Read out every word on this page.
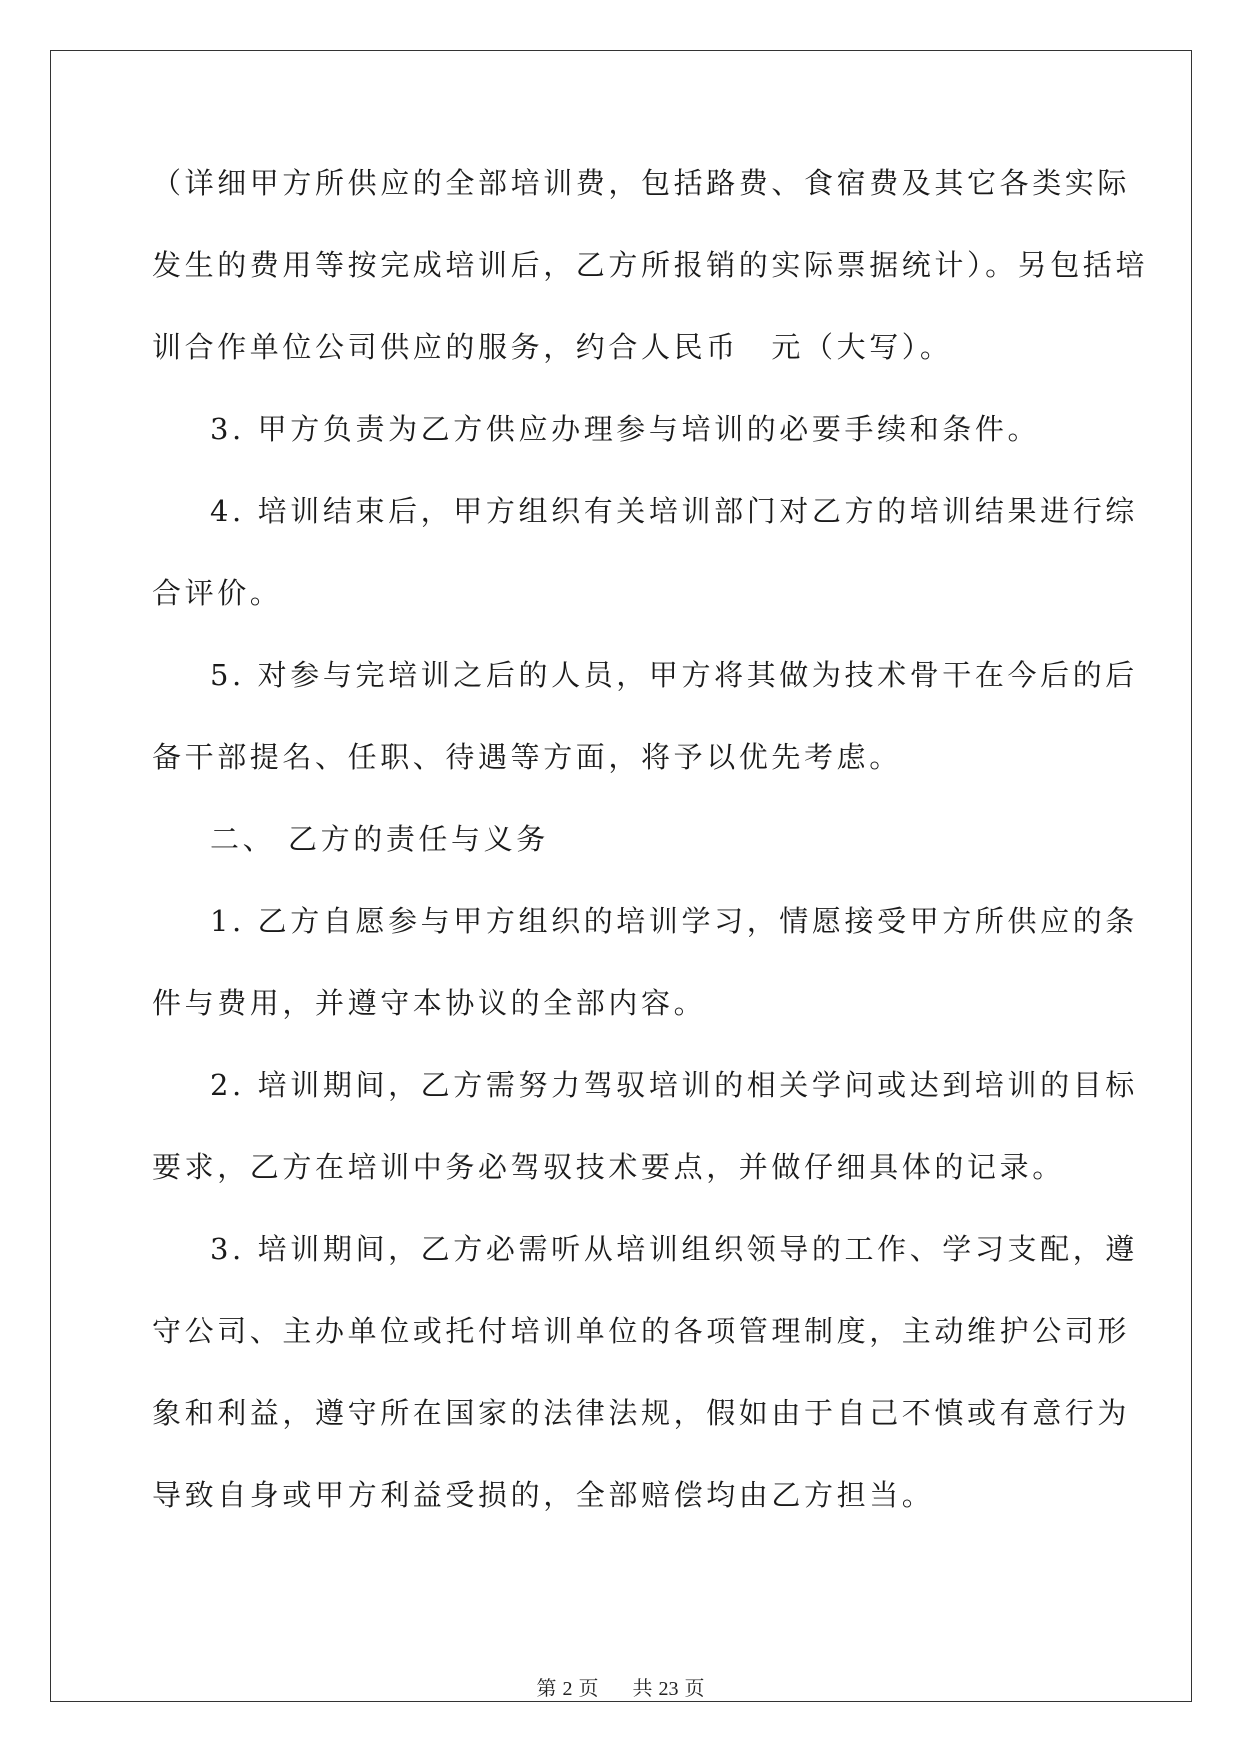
（详细甲方所供应的全部培训费，包括路费、食宿费及其它各类实际

发生的费用等按完成培训后，乙方所报销的实际票据统计）。另包括培

训合作单位公司供应的服务，约合人民币　元（大写）。

3. 甲方负责为乙方供应办理参与培训的必要手续和条件。

4. 培训结束后，甲方组织有关培训部门对乙方的培训结果进行综

合评价。

5. 对参与完培训之后的人员，甲方将其做为技术骨干在今后的后

备干部提名、任职、待遇等方面，将予以优先考虑。

二、 乙方的责任与义务

1. 乙方自愿参与甲方组织的培训学习，情愿接受甲方所供应的条

件与费用，并遵守本协议的全部内容。

2. 培训期间，乙方需努力驾驭培训的相关学问或达到培训的目标

要求，乙方在培训中务必驾驭技术要点，并做仔细具体的记录。

3. 培训期间，乙方必需听从培训组织领导的工作、学习支配，遵

守公司、主办单位或托付培训单位的各项管理制度，主动维护公司形

象和利益，遵守所在国家的法律法规，假如由于自己不慎或有意行为

导致自身或甲方利益受损的，全部赔偿均由乙方担当。

第 2 页 共 23 页
